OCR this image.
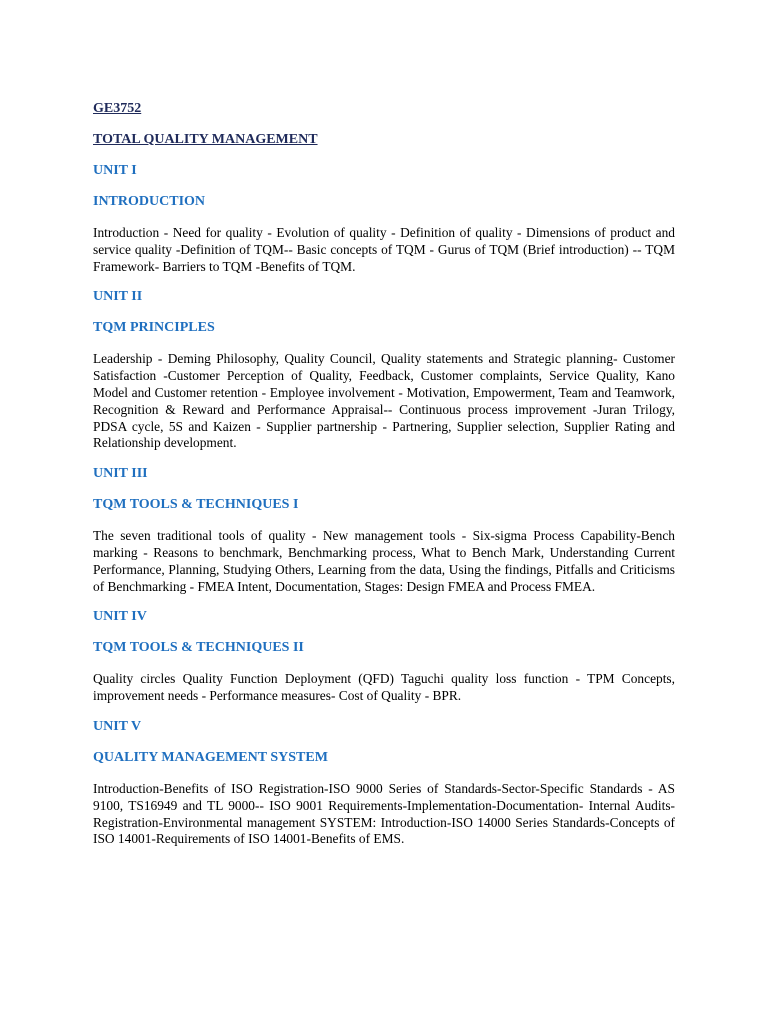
GE3752
TOTAL QUALITY MANAGEMENT
UNIT I
INTRODUCTION
Introduction - Need for quality - Evolution of quality - Definition of quality - Dimensions of product and service quality -Definition of TQM-- Basic concepts of TQM - Gurus of TQM (Brief introduction) -- TQM Framework- Barriers to TQM -Benefits of TQM.
UNIT II
TQM PRINCIPLES
Leadership - Deming Philosophy, Quality Council, Quality statements and Strategic planning- Customer Satisfaction -Customer Perception of Quality, Feedback, Customer complaints, Service Quality, Kano Model and Customer retention - Employee involvement - Motivation, Empowerment, Team and Teamwork, Recognition & Reward and Performance Appraisal-- Continuous process improvement -Juran Trilogy, PDSA cycle, 5S and Kaizen - Supplier partnership - Partnering, Supplier selection, Supplier Rating and Relationship development.
UNIT III
TQM TOOLS & TECHNIQUES I
The seven traditional tools of quality - New management tools - Six-sigma Process Capability-Bench marking - Reasons to benchmark, Benchmarking process, What to Bench Mark, Understanding Current Performance, Planning, Studying Others, Learning from the data, Using the findings, Pitfalls and Criticisms of Benchmarking - FMEA Intent, Documentation, Stages: Design FMEA and Process FMEA.
UNIT IV
TQM TOOLS & TECHNIQUES II
Quality circles Quality Function Deployment (QFD) Taguchi quality loss function - TPM Concepts, improvement needs - Performance measures- Cost of Quality - BPR.
UNIT V
QUALITY MANAGEMENT SYSTEM
Introduction-Benefits of ISO Registration-ISO 9000 Series of Standards-Sector-Specific Standards - AS 9100, TS16949 and TL 9000-- ISO 9001 Requirements-Implementation-Documentation- Internal Audits-Registration-Environmental management SYSTEM: Introduction-ISO 14000 Series Standards-Concepts of ISO 14001-Requirements of ISO 14001-Benefits of EMS.
